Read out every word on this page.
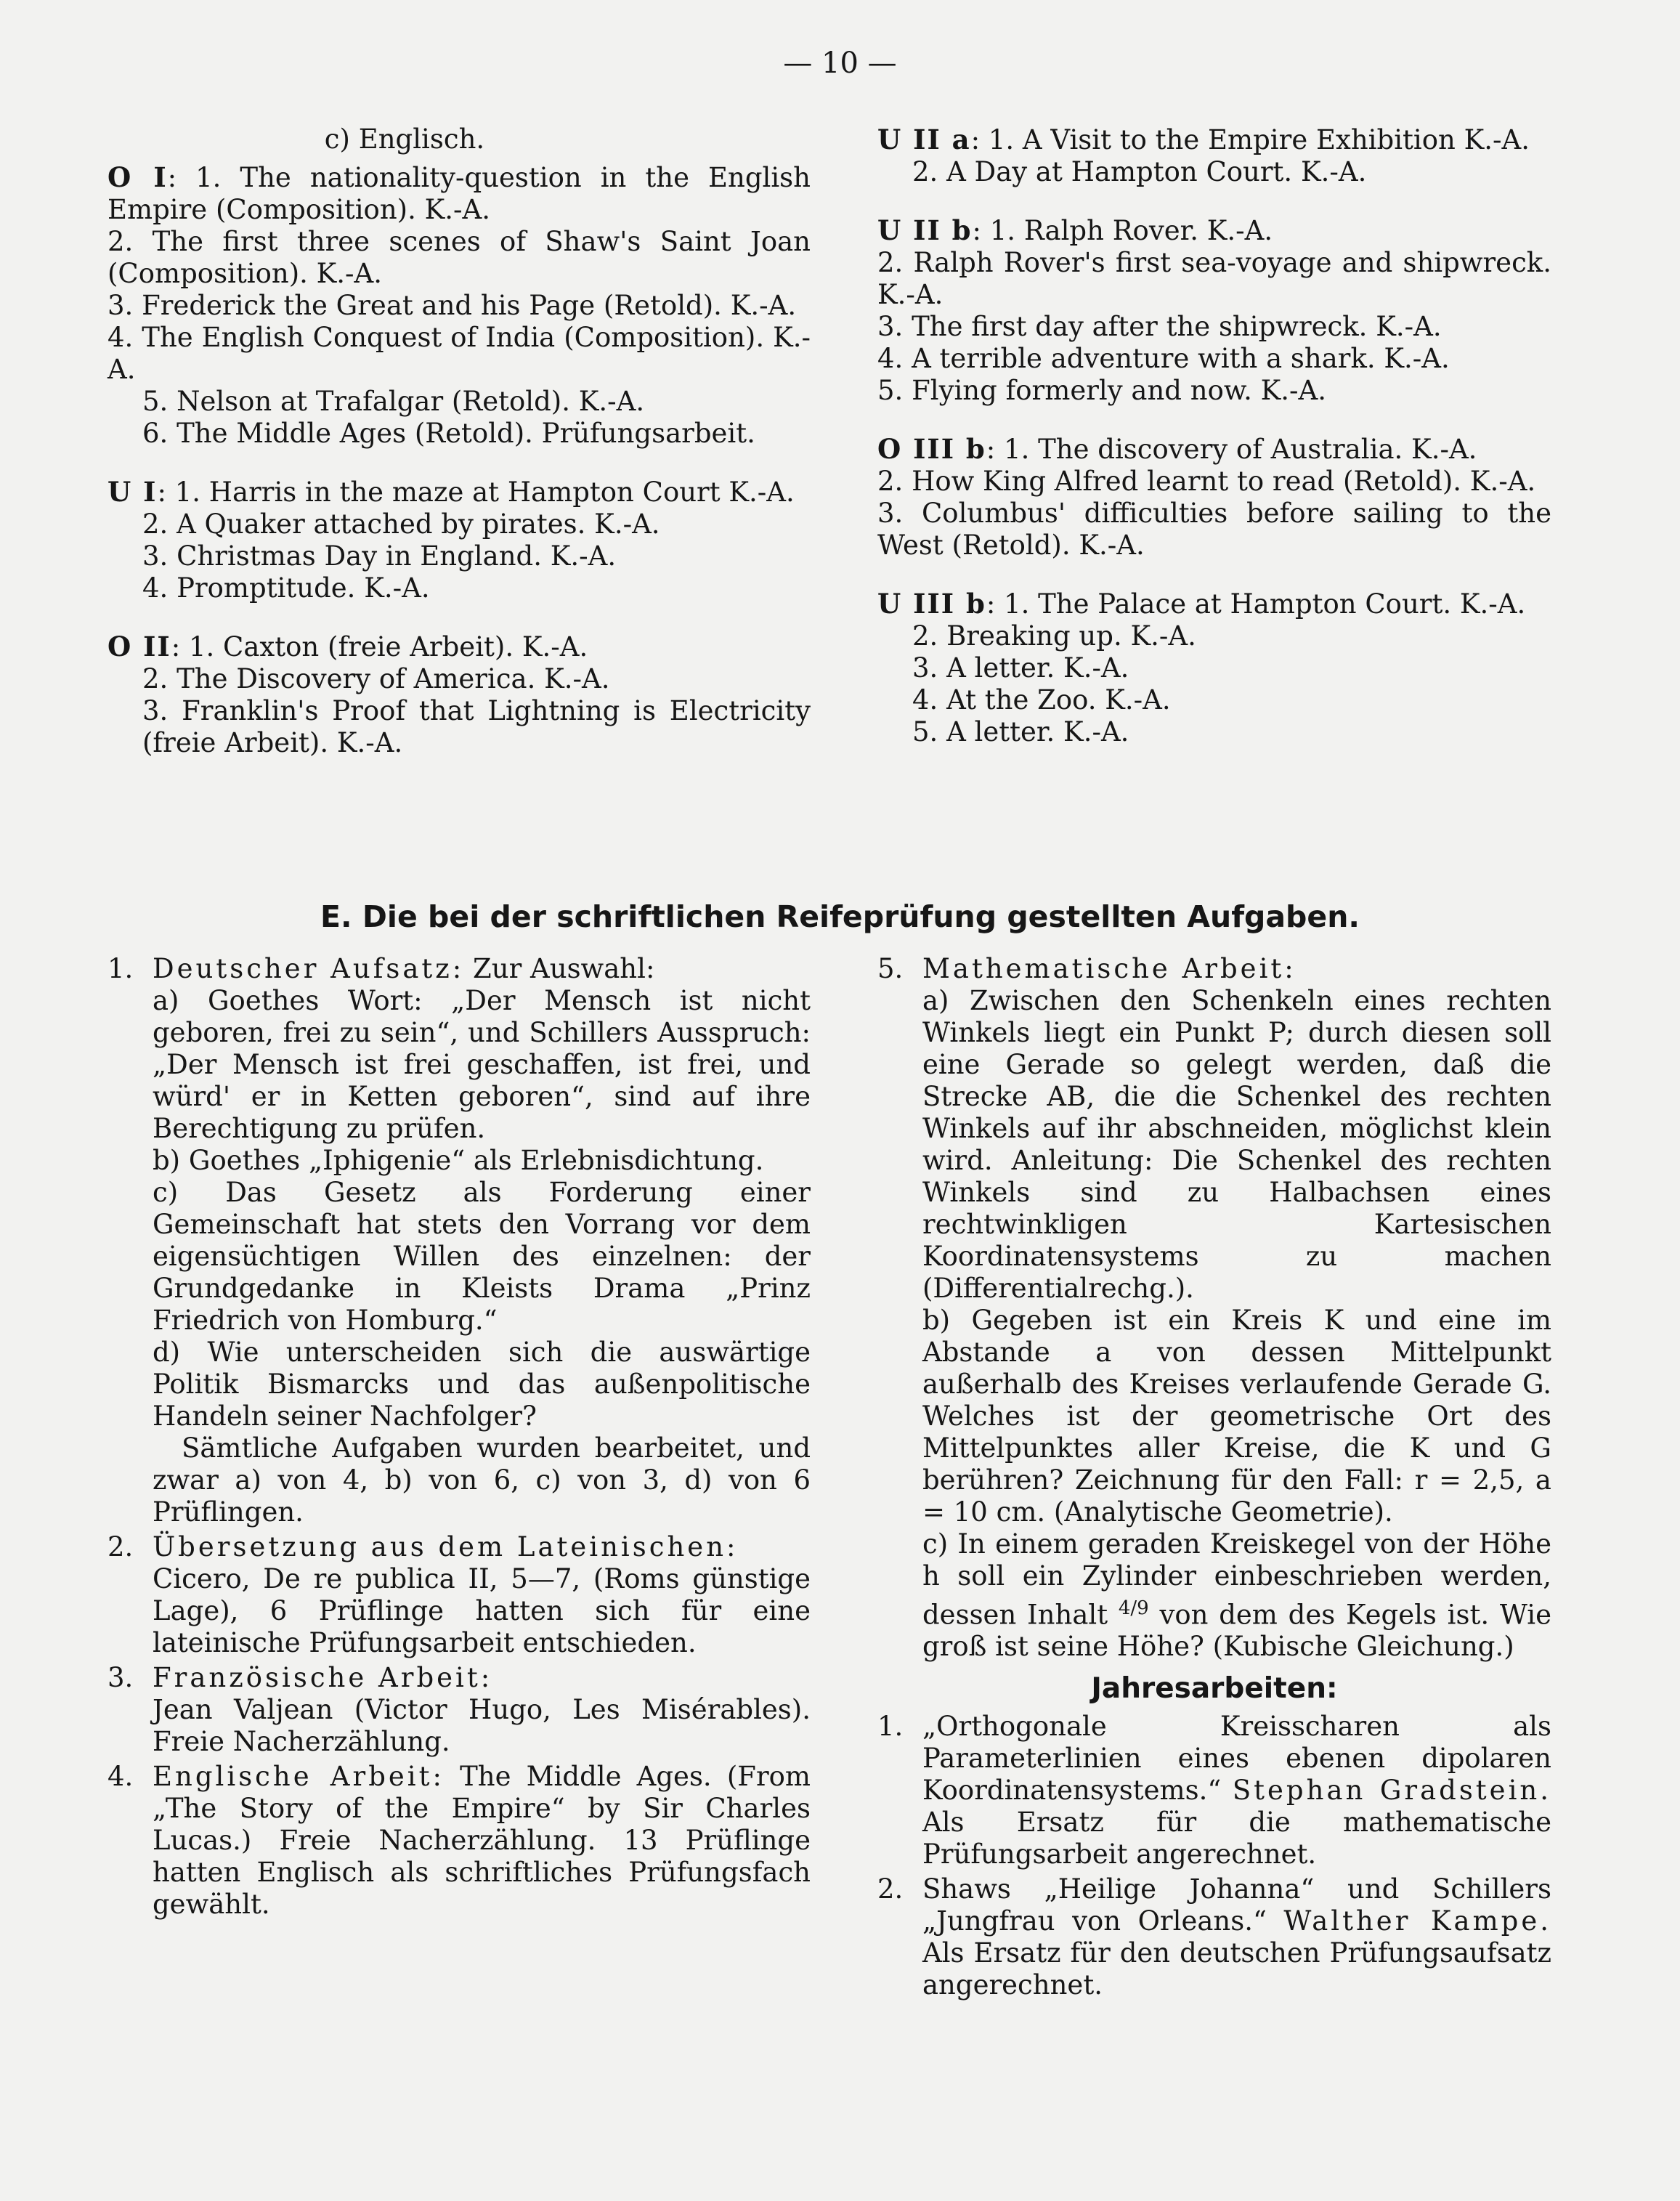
— 10 —

c) Englisch.

O I: 1. The nationality-question in the English Empire (Composition). K.-A.

2. The first three scenes of Shaw's Saint Joan (Composition). K.-A.

3. Frederick the Great and his Page (Retold). K.-A.

4. The English Conquest of India (Composition). K.-A.

5. Nelson at Trafalgar (Retold). K.-A.

6. The Middle Ages (Retold). Prüfungsarbeit.

U I: 1. Harris in the maze at Hampton Court K.-A.

2. A Quaker attached by pirates. K.-A.

3. Christmas Day in England. K.-A.

4. Promptitude. K.-A.

O II: 1. Caxton (freie Arbeit). K.-A.

2. The Discovery of America. K.-A.

3. Franklin's Proof that Lightning is Electricity (freie Arbeit). K.-A.

U II a: 1. A Visit to the Empire Exhibition K.-A.

2. A Day at Hampton Court. K.-A.

U II b: 1. Ralph Rover. K.-A.

2. Ralph Rover's first sea-voyage and shipwreck. K.-A.

3. The first day after the shipwreck. K.-A.

4. A terrible adventure with a shark. K.-A.

5. Flying formerly and now. K.-A.

O III b: 1. The discovery of Australia. K.-A.

2. How King Alfred learnt to read (Retold). K.-A.

3. Columbus' difficulties before sailing to the West (Retold). K.-A.

U III b: 1. The Palace at Hampton Court. K.-A.

2. Breaking up. K.-A.

3. A letter. K.-A.

4. At the Zoo. K.-A.

5. A letter. K.-A.

E. Die bei der schriftlichen Reifeprüfung gestellten Aufgaben.
1. Deutscher Aufsatz: Zur Auswahl:

a) Goethes Wort: „Der Mensch ist nicht geboren, frei zu sein“, und Schillers Ausspruch: „Der Mensch ist frei geschaffen, ist frei, und würd' er in Ketten geboren“, sind auf ihre Berechtigung zu prüfen.

b) Goethes „Iphigenie“ als Erlebnisdichtung.

c) Das Gesetz als Forderung einer Gemeinschaft hat stets den Vorrang vor dem eigensüchtigen Willen des einzelnen: der Grundgedanke in Kleists Drama „Prinz Friedrich von Homburg.“

d) Wie unterscheiden sich die auswärtige Politik Bismarcks und das außenpolitische Handeln seiner Nachfolger?

Sämtliche Aufgaben wurden bearbeitet, und zwar a) von 4, b) von 6, c) von 3, d) von 6 Prüflingen.

2. Übersetzung aus dem Lateinischen:

Cicero, De re publica II, 5—7, (Roms günstige Lage), 6 Prüflinge hatten sich für eine lateinische Prüfungsarbeit entschieden.

3. Französische Arbeit:

Jean Valjean (Victor Hugo, Les Misérables). Freie Nacherzählung.

4. Englische Arbeit: The Middle Ages. (From „The Story of the Empire“ by Sir Charles Lucas.) Freie Nacherzählung. 13 Prüflinge hatten Englisch als schriftliches Prüfungsfach gewählt.

5. Mathematische Arbeit:

a) Zwischen den Schenkeln eines rechten Winkels liegt ein Punkt P; durch diesen soll eine Gerade so gelegt werden, daß die Strecke AB, die die Schenkel des rechten Winkels auf ihr abschneiden, möglichst klein wird. Anleitung: Die Schenkel des rechten Winkels sind zu Halbachsen eines rechtwinkligen Kartesischen Koordinatensystems zu machen (Differentialrechg.).

b) Gegeben ist ein Kreis K und eine im Abstande a von dessen Mittelpunkt außerhalb des Kreises verlaufende Gerade G. Welches ist der geometrische Ort des Mittelpunktes aller Kreise, die K und G berühren? Zeichnung für den Fall: r = 2,5, a = 10 cm. (Analytische Geometrie).

c) In einem geraden Kreiskegel von der Höhe h soll ein Zylinder einbeschrieben werden, dessen Inhalt $^{4/9}$ von dem des Kegels ist. Wie groß ist seine Höhe? (Kubische Gleichung.)

Jahresarbeiten:

1. „Orthogonale Kreisscharen als Parameterlinien eines ebenen dipolaren Koordinatensystems.“ Stephan Gradstein. Als Ersatz für die mathematische Prüfungsarbeit angerechnet.

2. Shaws „Heilige Johanna“ und Schillers „Jungfrau von Orleans.“ Walther Kampe. Als Ersatz für den deutschen Prüfungsaufsatz angerechnet.
